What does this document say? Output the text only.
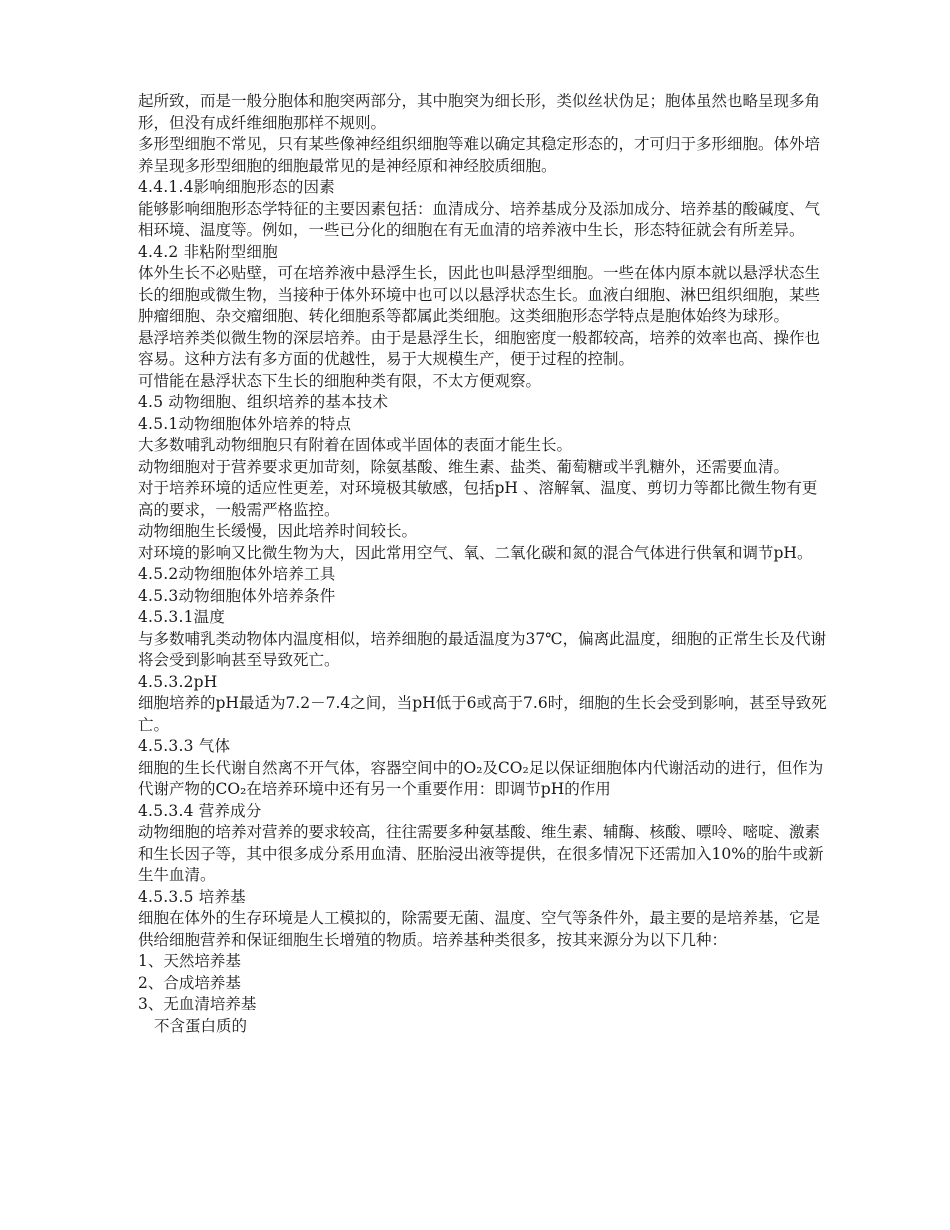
起所致，而是一般分胞体和胞突两部分，其中胞突为细长形，类似丝状伪足；胞体虽然也略呈现多角形，但没有成纤维细胞那样不规则。

多形型细胞不常见，只有某些像神经组织细胞等难以确定其稳定形态的，才可归于多形细胞。体外培养呈现多形型细胞的细胞最常见的是神经原和神经胶质细胞。

4.4.1.4影响细胞形态的因素

能够影响细胞形态学特征的主要因素包括：血清成分、培养基成分及添加成分、培养基的酸碱度、气相环境、温度等。例如，一些已分化的细胞在有无血清的培养液中生长，形态特征就会有所差异。

4.4.2 非粘附型细胞

体外生长不必贴壁，可在培养液中悬浮生长，因此也叫悬浮型细胞。一些在体内原本就以悬浮状态生长的细胞或微生物，当接种于体外环境中也可以以悬浮状态生长。血液白细胞、淋巴组织细胞，某些肿瘤细胞、杂交瘤细胞、转化细胞系等都属此类细胞。这类细胞形态学特点是胞体始终为球形。

悬浮培养类似微生物的深层培养。由于是悬浮生长，细胞密度一般都较高，培养的效率也高、操作也容易。这种方法有多方面的优越性，易于大规模生产，便于过程的控制。

可惜能在悬浮状态下生长的细胞种类有限，不太方便观察。

4.5 动物细胞、组织培养的基本技术

4.5.1动物细胞体外培养的特点

大多数哺乳动物细胞只有附着在固体或半固体的表面才能生长。

动物细胞对于营养要求更加苛刻，除氨基酸、维生素、盐类、葡萄糖或半乳糖外，还需要血清。

对于培养环境的适应性更差，对环境极其敏感，包括pH 、溶解氧、温度、剪切力等都比微生物有更高的要求，一般需严格监控。

动物细胞生长缓慢，因此培养时间较长。

对环境的影响又比微生物为大，因此常用空气、氧、二氧化碳和氮的混合气体进行供氧和调节pH。

4.5.2动物细胞体外培养工具

4.5.3动物细胞体外培养条件

4.5.3.1温度

与多数哺乳类动物体内温度相似，培养细胞的最适温度为37℃，偏离此温度，细胞的正常生长及代谢将会受到影响甚至导致死亡。

4.5.3.2pH

细胞培养的pH最适为7.2－7.4之间，当pH低于6或高于7.6时，细胞的生长会受到影响，甚至导致死亡。

4.5.3.3 气体

细胞的生长代谢自然离不开气体，容器空间中的O₂及CO₂足以保证细胞体内代谢活动的进行，但作为代谢产物的CO₂在培养环境中还有另一个重要作用：即调节pH的作用

4.5.3.4 营养成分

动物细胞的培养对营养的要求较高，往往需要多种氨基酸、维生素、辅酶、核酸、嘌呤、嘧啶、激素和生长因子等，其中很多成分系用血清、胚胎浸出液等提供，在很多情况下还需加入10%的胎牛或新生牛血清。

4.5.3.5 培养基

细胞在体外的生存环境是人工模拟的，除需要无菌、温度、空气等条件外，最主要的是培养基，它是供给细胞营养和保证细胞生长增殖的物质。培养基种类很多，按其来源分为以下几种：

1、天然培养基

2、合成培养基

3、无血清培养基

不含蛋白质的
